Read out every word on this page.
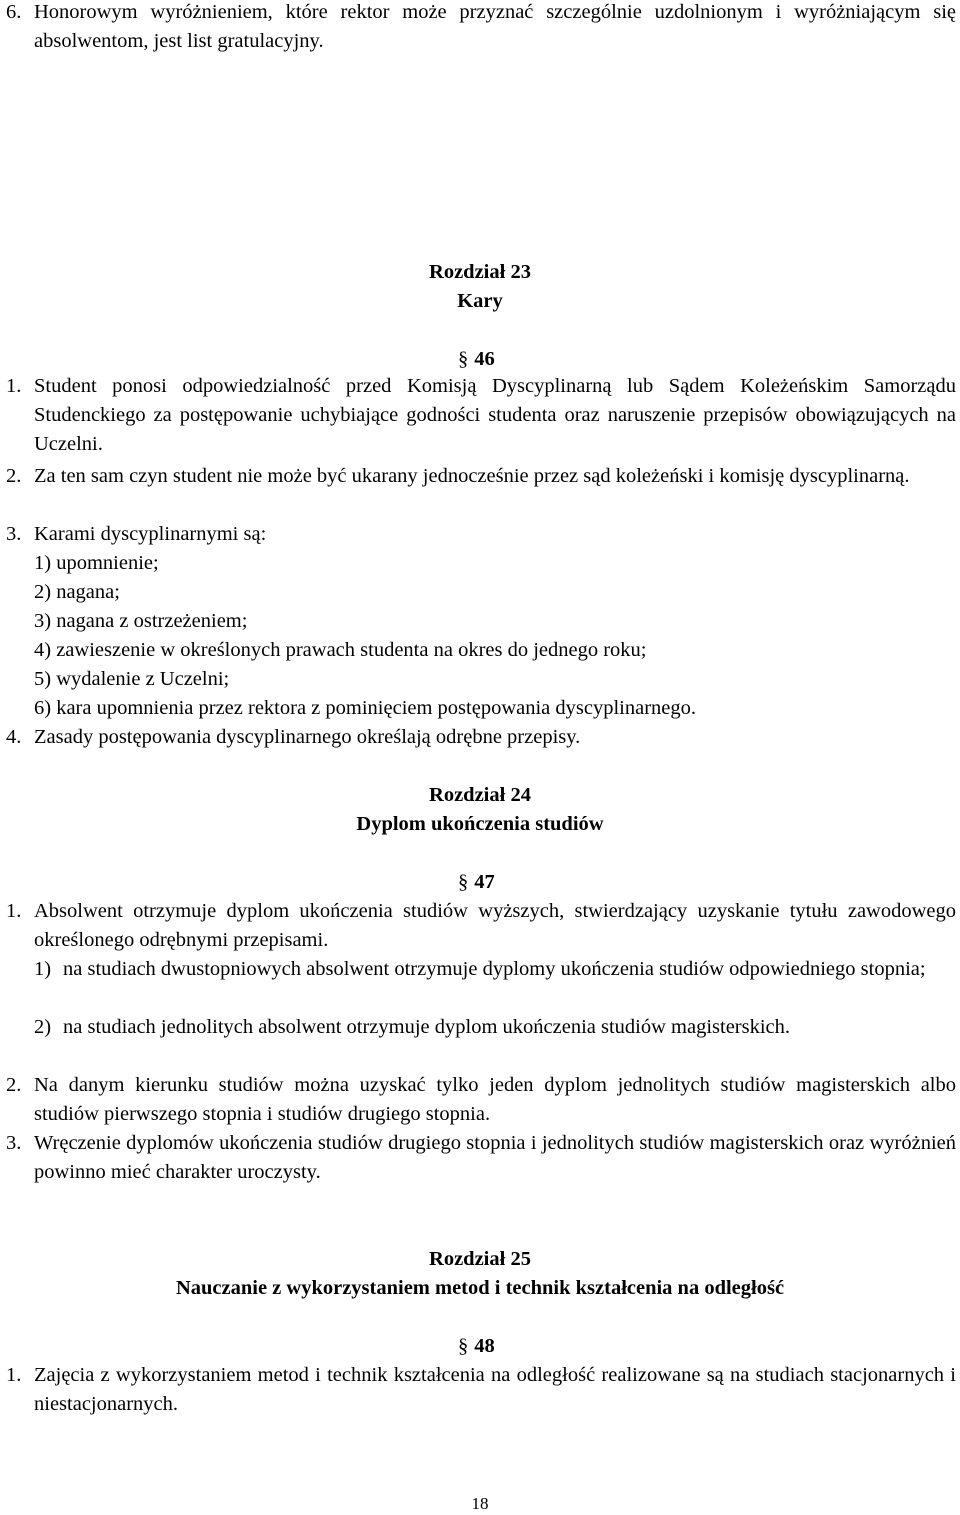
6. Honorowym wyróżnieniem, które rektor może przyznać szczególnie uzdolnionym i wyróżniającym się absolwentom, jest list gratulacyjny.

Rozdział 23
Kary
§ 46

1. Student ponosi odpowiedzialność przed Komisją Dyscyplinarną lub Sądem Koleżeńskim Samorządu Studenckiego za postępowanie uchybiające godności studenta oraz naruszenie przepisów obowiązujących na Uczelni.

2. Za ten sam czyn student nie może być ukarany jednocześnie przez sąd koleżeński i komisję dyscyplinarną.

3. Karami dyscyplinarnymi są:

1) upomnienie;
2) nagana;
3) nagana z ostrzeżeniem;
4) zawieszenie w określonych prawach studenta na okres do jednego roku;
5) wydalenie z Uczelni;
6) kara upomnienia przez rektora z pominięciem postępowania dyscyplinarnego.

4. Zasady postępowania dyscyplinarnego określają odrębne przepisy.

Rozdział 24
Dyplom ukończenia studiów
§ 47

1. Absolwent otrzymuje dyplom ukończenia studiów wyższych, stwierdzający uzyskanie tytułu zawodowego określonego odrębnymi przepisami.

1) na studiach dwustopniowych absolwent otrzymuje dyplomy ukończenia studiów odpowiedniego stopnia;

2) na studiach jednolitych absolwent otrzymuje dyplom ukończenia studiów magisterskich.

2. Na danym kierunku studiów można uzyskać tylko jeden dyplom jednolitych studiów magisterskich albo studiów pierwszego stopnia i studiów drugiego stopnia.

3. Wręczenie dyplomów ukończenia studiów drugiego stopnia i jednolitych studiów magisterskich oraz wyróżnień powinno mieć charakter uroczysty.

Rozdział 25
Nauczanie z wykorzystaniem metod i technik kształcenia na odległość
§ 48

1. Zajęcia z wykorzystaniem metod i technik kształcenia na odległość realizowane są na studiach stacjonarnych i niestacjonarnych.

18
